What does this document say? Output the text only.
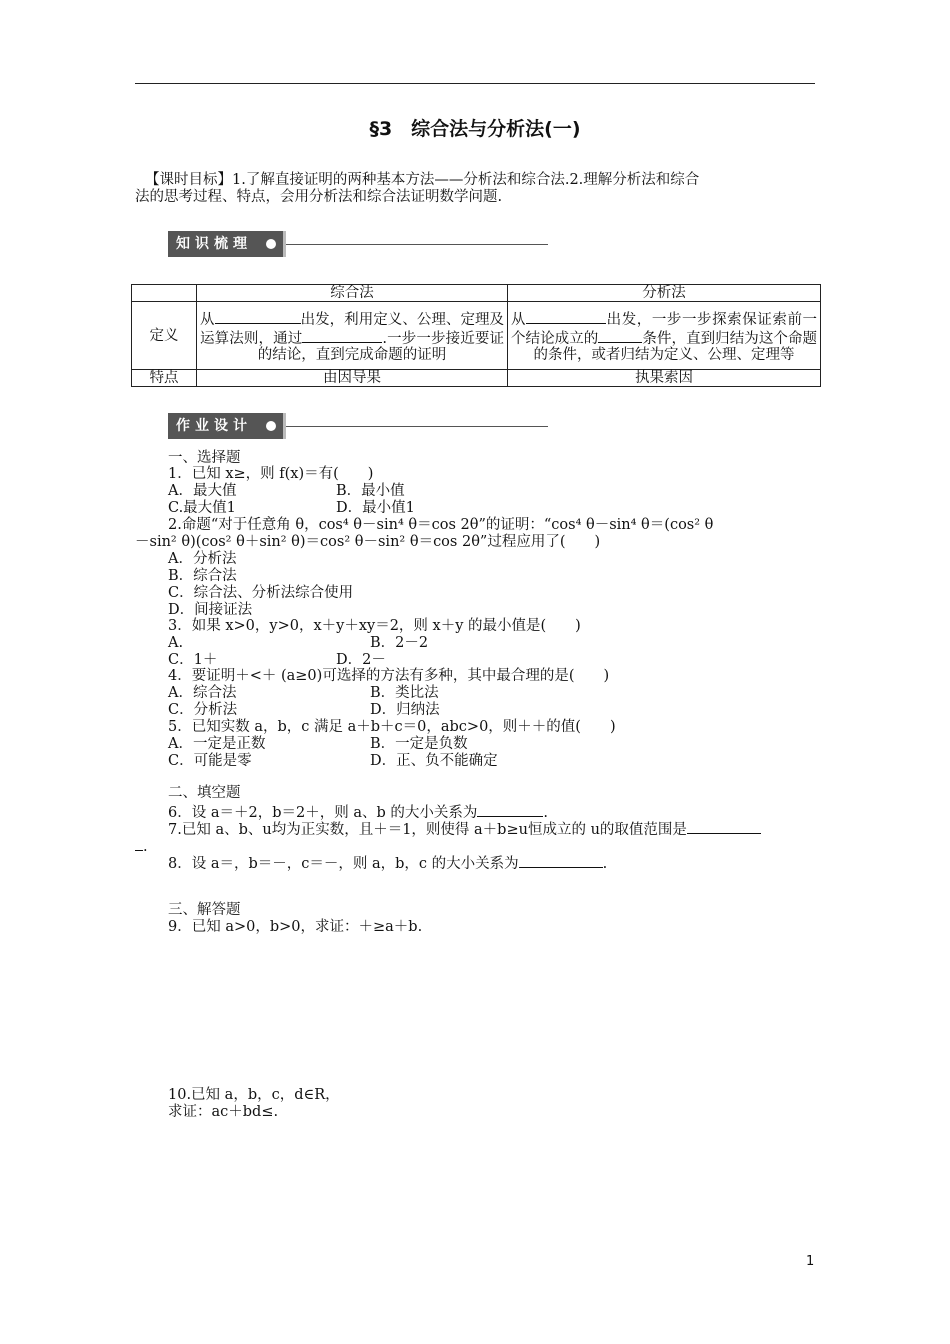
§3　综合法与分析法(一)
【课时目标】1.了解直接证明的两种基本方法——分析法和综合法.2.理解分析法和综合
法的思考过程、特点，会用分析法和综合法证明数学问题.
知识梳理
	综合法	分析法
定义	从 出发，利用定义、公理、定理及运算法则，通过 .一步一步接近要证的结论，直到完成命题的证明	从 出发，一步一步探索保证索前一个结论成立的 条件，直到归结为这个命题的条件，或者归结为定义、公理、定理等
特点	由因导果	执果索因
作业设计
一、选择题
1．已知 x≥，则 f(x)＝有(　　)
A．最大值	B．最小值
C.最大值1	D．最小值1
2.命题“对于任意角 θ，cos⁴ θ－sin⁴ θ＝cos 2θ”的证明：“cos⁴ θ－sin⁴ θ＝(cos² θ
－sin² θ)(cos² θ＋sin² θ)＝cos² θ－sin² θ＝cos 2θ”过程应用了(　　)
A．分析法
B．综合法
C．综合法、分析法综合使用
D．间接证法
3．如果 x>0，y>0，x＋y＋xy＝2，则 x＋y 的最小值是(　　)
A.	B．2－2
C．1＋	D．2－
4．要证明＋<＋ (a≥0)可选择的方法有多种，其中最合理的是(　　)
A．综合法	B．类比法
C．分析法	D．归纳法
5．已知实数 a，b，c 满足 a＋b＋c＝0，abc>0，则＋＋的值(　　)
A．一定是正数	B．一定是负数
C．可能是零	D．正、负不能确定
二、填空题
6．设 a＝＋2，b＝2＋，则 a、b 的大小关系为	.
7.已知 a、b、u均为正实数，且＋＝1，则使得 a＋b≥u恒成立的 u的取值范围是
.
8．设 a＝，b＝－，c＝－，则 a，b，c 的大小关系为	.
三、解答题
9．已知 a>0，b>0，求证：＋≥a＋b.
10.已知 a，b，c，d∈R，
求证：ac＋bd≤.
1
